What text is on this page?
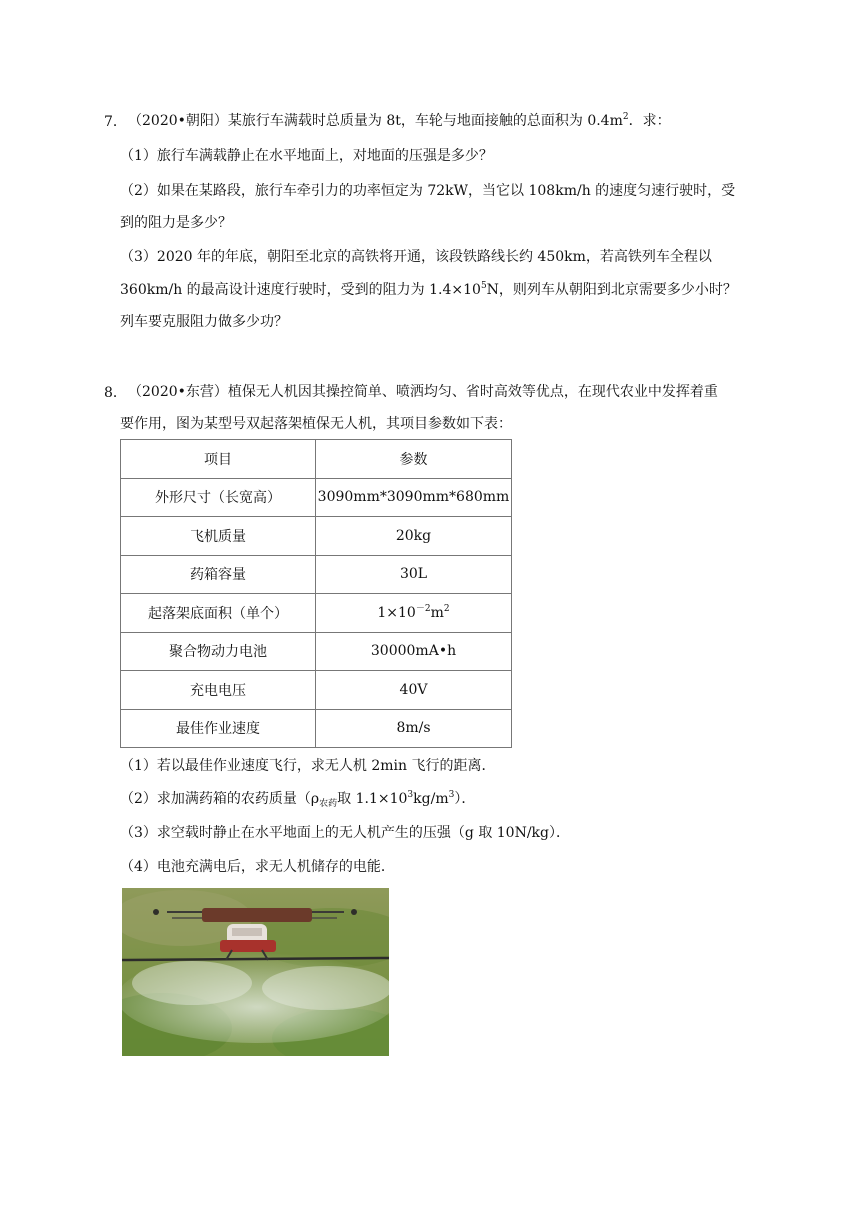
7． （2020•朝阳）某旅行车满载时总质量为 8t，车轮与地面接触的总面积为 $0.4m^2$．求：
（1）旅行车满载静止在水平地面上，对地面的压强是多少？
（2）如果在某路段，旅行车牵引力的功率恒定为 72kW，当它以 108km/h 的速度匀速行驶时，受
到的阻力是多少？
（3）2020 年的年底，朝阳至北京的高铁将开通，该段铁路线长约 450km，若高铁列车全程以
360km/h 的最高设计速度行驶时，受到的阻力为 $1.4\times 10^5N$，则列车从朝阳到北京需要多少小时？
列车要克服阻力做多少功？
8． （2020•东营）植保无人机因其操控简单、喷洒均匀、省时高效等优点，在现代农业中发挥着重
要作用，图为某型号双起落架植保无人机，其项目参数如下表：
项目	参数
外形尺寸（长宽高）	3090mm*3090mm*680mm
飞机质量	20kg
药箱容量	30L
起落架底面积（单个）	$1\times 10^{-2}m^2$
聚合物动力电池	30000mA•h
充电电压	40V
最佳作业速度	8m/s
（1）若以最佳作业速度飞行，求无人机 2min 飞行的距离．
（2）求加满药箱的农药质量（$\rho_{农药}$取 $1.1\times 10^3kg/m^3$）．
（3）求空载时静止在水平地面上的无人机产生的压强（g 取 10N/kg）．
（4）电池充满电后，求无人机储存的电能．
